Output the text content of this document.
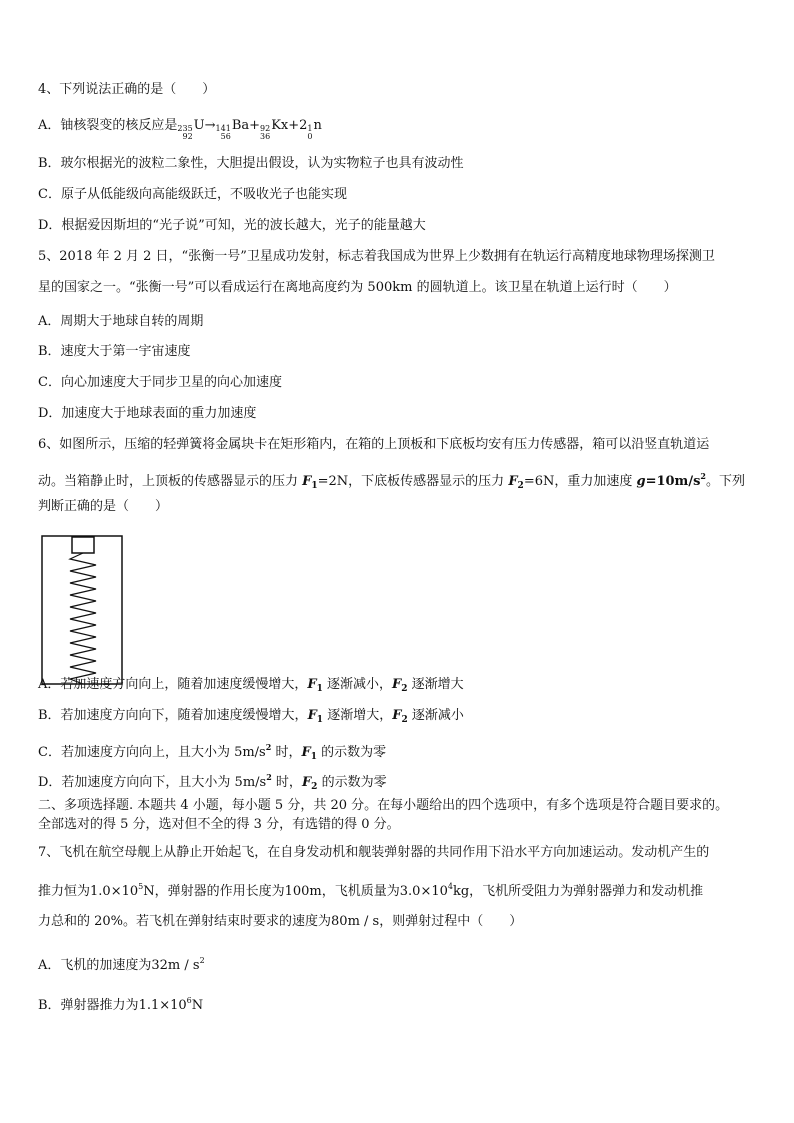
4、下列说法正确的是（　　）
A．铀核裂变的核反应是 235
92
U→ 141
56
Ba+ 92
36
Kx+2 1
0
n
B．玻尔根据光的波粒二象性，大胆提出假设，认为实物粒子也具有波动性
C．原子从低能级向高能级跃迁，不吸收光子也能实现
D．根据爱因斯坦的“光子说”可知，光的波长越大，光子的能量越大
5、2018 年 2 月 2 日，“张衡一号”卫星成功发射，标志着我国成为世界上少数拥有在轨运行高精度地球物理场探测卫
星的国家之一。“张衡一号”可以看成运行在离地高度约为 500km 的圆轨道上。该卫星在轨道上运行时（　　）
A．周期大于地球自转的周期
B．速度大于第一宇宙速度
C．向心加速度大于同步卫星的向心加速度
D．加速度大于地球表面的重力加速度
6、如图所示，压缩的轻弹簧将金属块卡在矩形箱内，在箱的上顶板和下底板均安有压力传感器，箱可以沿竖直轨道运
动。当箱静止时，上顶板的传感器显示的压力 $F_1=2N$，下底板传感器显示的压力 $F_2=6N$，重力加速度 $g=10m/s^2$。下列
判断正确的是（　　）
A．若加速度方向向上，随着加速度缓慢增大，$F_1$ 逐渐减小，$F_2$ 逐渐增大
B．若加速度方向向下，随着加速度缓慢增大，$F_1$ 逐渐增大，$F_2$ 逐渐减小
C．若加速度方向向上，且大小为 $5m/s^2$ 时，$F_1$ 的示数为零
D．若加速度方向向下，且大小为 $5m/s^2$ 时，$F_2$ 的示数为零
二、多项选择题. 本题共 4 小题，每小题 5 分，共 20 分。在每小题给出的四个选项中，有多个选项是符合题目要求的。
全部选对的得 5 分，选对但不全的得 3 分，有选错的得 0 分。
7、飞机在航空母舰上从静止开始起飞，在自身发动机和舰装弹射器的共同作用下沿水平方向加速运动。发动机产生的
推力恒为$1.0\times 10^5N$，弹射器的作用长度为100m，飞机质量为$3.0\times 10^4kg$，飞机所受阻力为弹射器弹力和发动机推
力总和的 20%。若飞机在弹射结束时要求的速度为80m / s，则弹射过程中（　　）
A．飞机的加速度为$32m / s^2$
B．弹射器推力为$1.1\times 10^6N$
